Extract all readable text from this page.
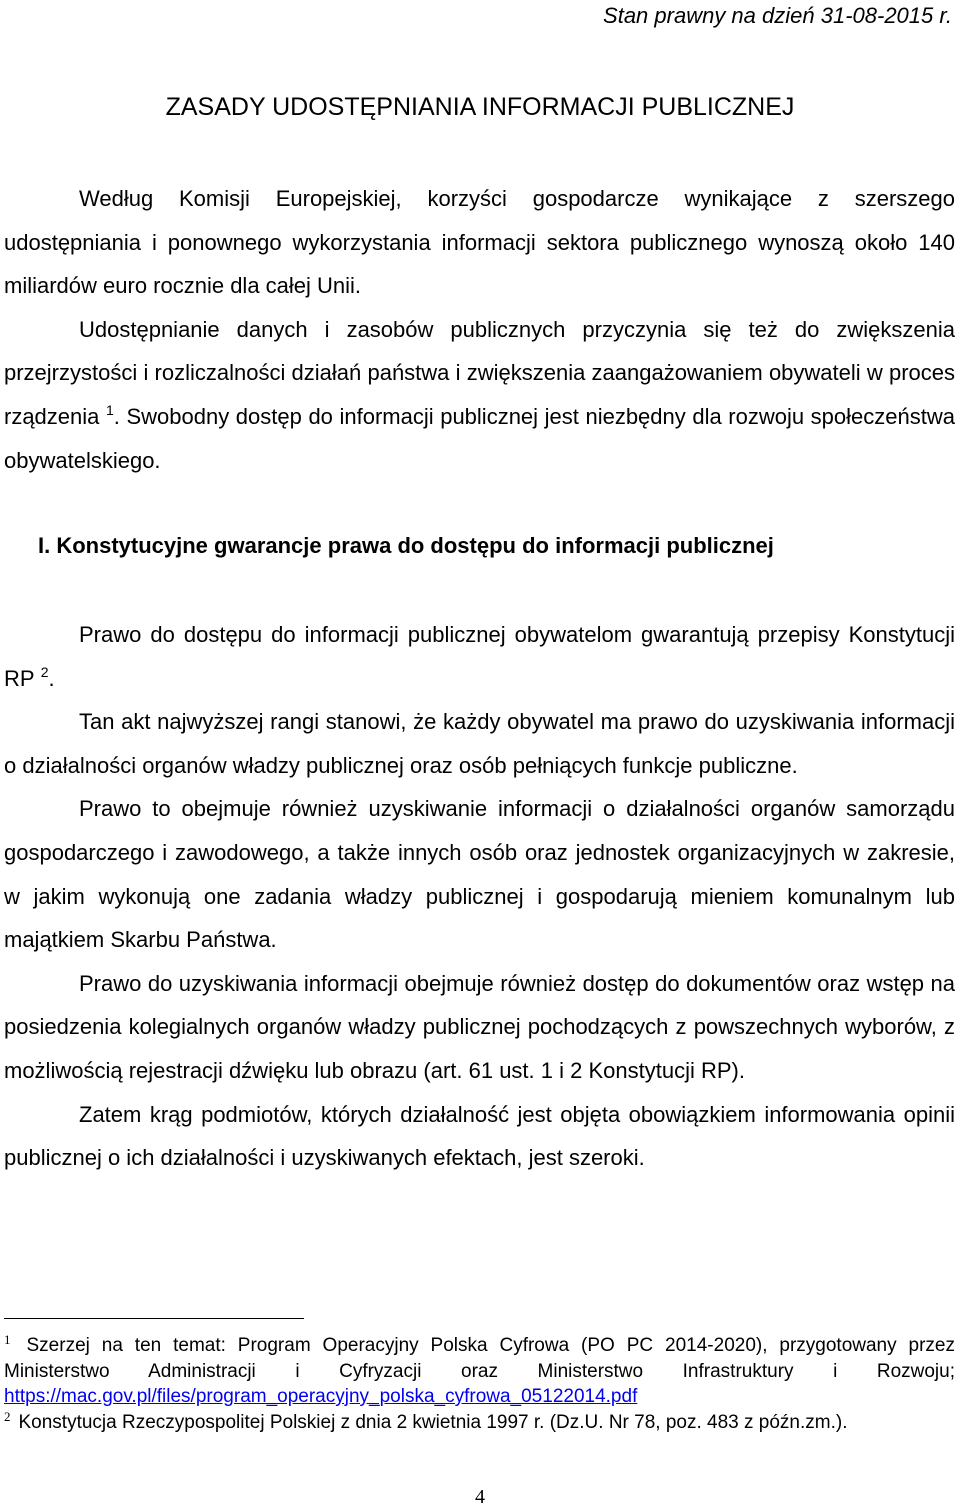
Stan prawny na dzień 31-08-2015 r.
ZASADY UDOSTĘPNIANIA INFORMACJI PUBLICZNEJ

Według Komisji Europejskiej, korzyści gospodarcze wynikające z szerszego udostępniania i ponownego wykorzystania informacji sektora publicznego wynoszą około 140 miliardów euro rocznie dla całej Unii.

Udostępnianie danych i zasobów publicznych przyczynia się też do zwiększenia przejrzystości i rozliczalności działań państwa i zwiększenia zaangażowaniem obywateli w proces rządzenia $^1$. Swobodny dostęp do informacji publicznej jest niezbędny dla rozwoju społeczeństwa obywatelskiego.

I. Konstytucyjne gwarancje prawa do dostępu do informacji publicznej

Prawo do dostępu do informacji publicznej obywatelom gwarantują przepisy Konstytucji RP $^2$.

Tan akt najwyższej rangi stanowi, że każdy obywatel ma prawo do uzyskiwania informacji o działalności organów władzy publicznej oraz osób pełniących funkcje publiczne.

Prawo to obejmuje również uzyskiwanie informacji o działalności organów samorządu gospodarczego i zawodowego, a także innych osób oraz jednostek organizacyjnych w zakresie, w jakim wykonują one zadania władzy publicznej i gospodarują mieniem komunalnym lub majątkiem Skarbu Państwa.

Prawo do uzyskiwania informacji obejmuje również dostęp do dokumentów oraz wstęp na posiedzenia kolegialnych organów władzy publicznej pochodzących z powszechnych wyborów, z możliwością rejestracji dźwięku lub obrazu (art. 61 ust. 1 i 2 Konstytucji RP).

Zatem krąg podmiotów, których działalność jest objęta obowiązkiem informowania opinii publicznej o ich działalności i uzyskiwanych efektach, jest szeroki.

$^1$ Szerzej na ten temat: Program Operacyjny Polska Cyfrowa (PO PC 2014-2020), przygotowany przez Ministerstwo Administracji i Cyfryzacji oraz Ministerstwo Infrastruktury i Rozwoju; https://mac.gov.pl/files/program_operacyjny_polska_cyfrowa_05122014.pdf

$^2$ Konstytucja Rzeczypospolitej Polskiej z dnia 2 kwietnia 1997 r. (Dz.U. Nr 78, poz. 483 z późn.zm.).

4
